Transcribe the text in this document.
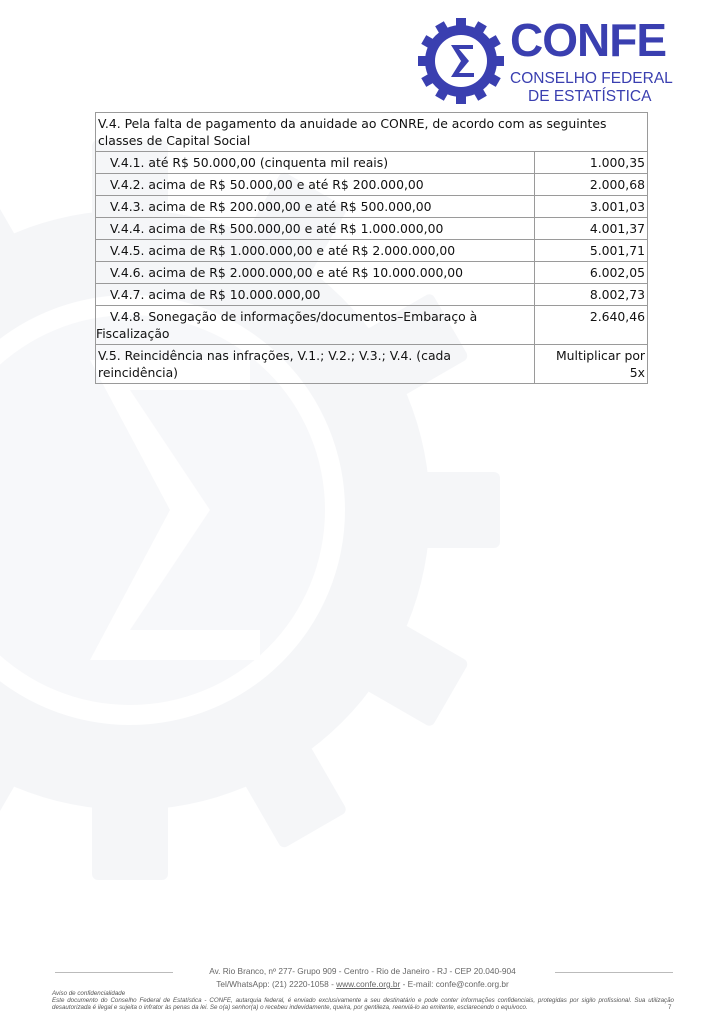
CONFE
CONSELHO FEDERAL
DE ESTATÍSTICA
V.4. Pela falta de pagamento da anuidade ao CONRE, de acordo com as seguintes classes de Capital Social	
V.4.1. até R$ 50.000,00 (cinquenta mil reais)	1.000,35
V.4.2. acima de R$ 50.000,00 e até R$ 200.000,00	2.000,68
V.4.3. acima de R$ 200.000,00 e até R$ 500.000,00	3.001,03
V.4.4. acima de R$ 500.000,00 e até R$ 1.000.000,00	4.001,37
V.4.5. acima de R$ 1.000.000,00 e até R$ 2.000.000,00	5.001,71
V.4.6. acima de R$ 2.000.000,00 e até R$ 10.000.000,00	6.002,05
V.4.7. acima de R$ 10.000.000,00	8.002,73
V.4.8. Sonegação de informações/documentos–Embaraço à Fiscalização	2.640,46
V.5. Reincidência nas infrações, V.1.; V.2.; V.3.; V.4. (cada reincidência)	Multiplicar por 5x
Av. Rio Branco, nº 277- Grupo 909 - Centro - Rio de Janeiro - RJ - CEP 20.040-904
Tel/WhatsApp: (21) 2220-1058 - www.confe.org.br - E-mail: confe@confe.org.br
Aviso de confidencialidade
Este documento do Conselho Federal de Estatística - CONFE, autarquia federal, é enviado exclusivamente a seu destinatário e pode conter informações confidenciais, protegidas por sigilo profissional. Sua utilização desautorizada é ilegal e sujeita o infrator às penas da lei. Se o(a) senhor(a) o recebeu indevidamente, queira, por gentileza, reenviá-lo ao emitente, esclarecendo o equívoco.	7
